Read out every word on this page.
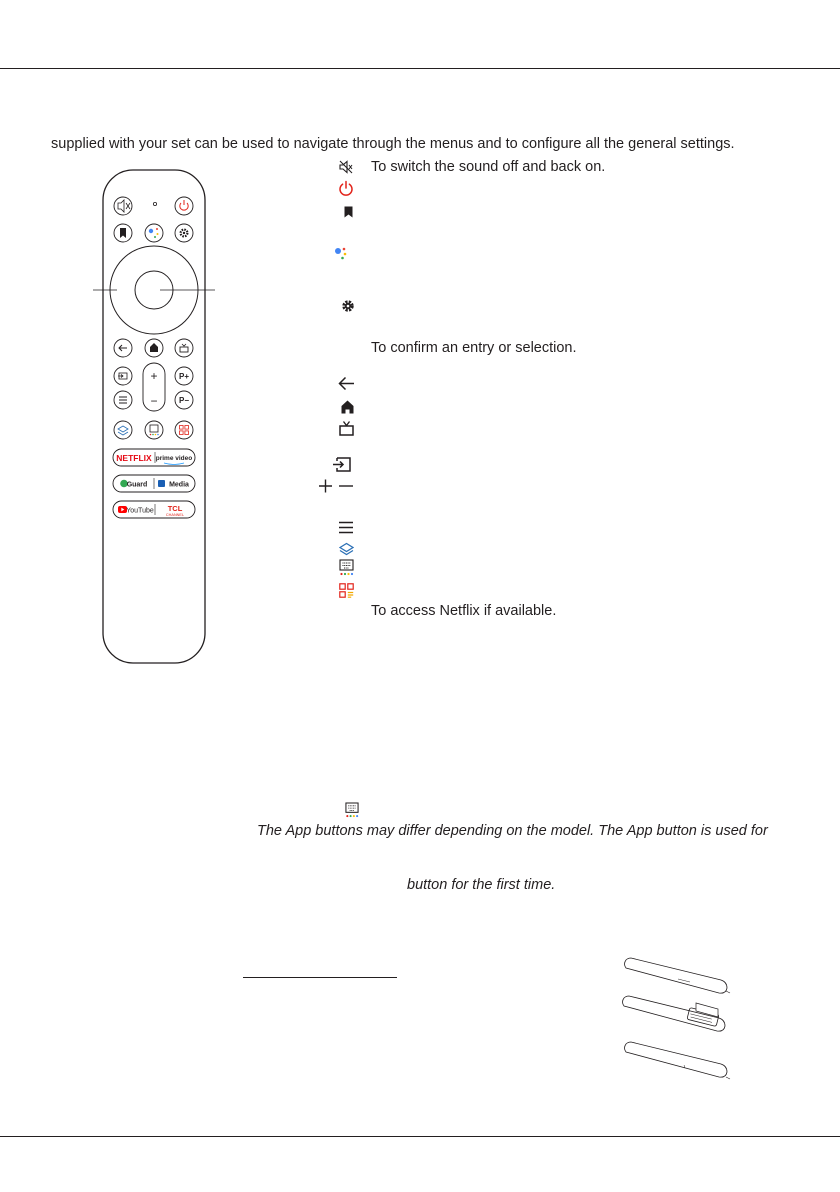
supplied with your set can be used to navigate through the menus and to configure all the general settings.
+
−
P+
P−
NETFLIX prime video
Guard	Media
YouTube TCL
CHANNEL
To switch the sound off and back on.
To confirm an entry or selection.
To access Netflix if available.
The App buttons may differ depending on the model. The App button is used for
button for the first time.
